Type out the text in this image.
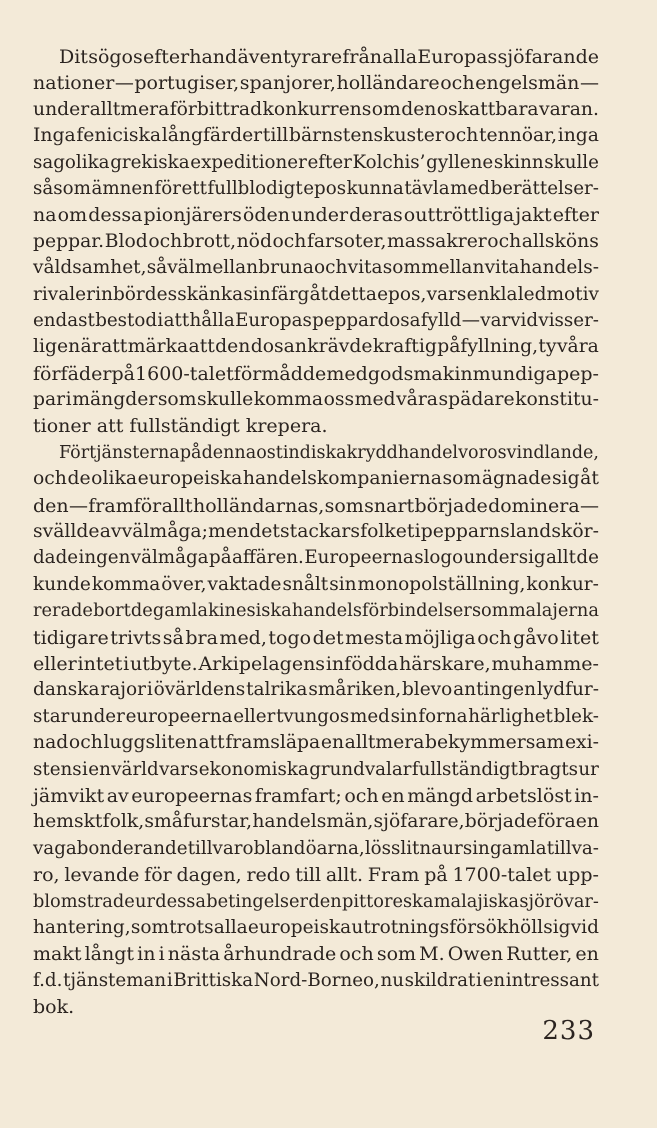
Dit sögos efterhand äventyrare från alla Europas sjöfarande
nationer — portugiser, spanjorer, holländare och engelsmän —
under alltmera förbittrad konkurrens om den oskattbara varan.
Inga feniciska långfärder till bärnstenskuster och tennöar, inga
sagolika grekiska expeditioner efter Kolchis’ gyllene skinn skulle
såsom ämnen för ett fullblodigt epos kunna tävla med berättelser-
na om dessa pionjärers öden under deras outtröttliga jakt efter
peppar. Blod och brott, nöd och farsoter, massakrer och allsköns
våldsamhet, såväl mellan bruna och vita som mellan vita handels-
rivaler inbördes skänka sin färg åt detta epos, vars enkla ledmotiv
endast bestod i att hålla Europas peppardosa fylld — varvid visser-
ligen är att märka att den dosan krävde kraftig påfyllning, ty våra
förfäder på 1600-talet förmådde med god smak inmundiga pep-
par i mängder som skulle komma oss med våra spädare konstitu-
tioner att fullständigt krepera.
Förtjänsterna på denna ostindiska kryddhandel voro svindlande,
och de olika europeiska handelskompanierna som ägnade sig åt
den — framför allt holländarnas, som snart började dominera —
svällde av välmåga; men det stackars folket i pepparns land skör-
dade ingen välmåga på affären. Europeerna slogo under sig allt de
kunde komma över, vaktade snålt sin monopolställning, konkur-
rerade bort de gamla kinesiska handelsförbindelser som malajerna
tidigare trivts så bra med, togo det mesta möjliga och gåvo litet
eller intet i utbyte. Arkipelagens infödda härskare, muhamme-
danska rajor i övärldens talrika småriken, blevo antingen lydfur-
star under europeerna eller tvungos med sin forna härlighet blek-
nad och luggsliten att framsläpa en alltmera bekymmersam exi-
stens i en värld vars ekonomiska grundvalar fullständigt bragts ur
jämvikt av europeernas framfart; och en mängd arbetslöst in-
hemskt folk, småfurstar, handelsmän, sjöfarare, började föra en
vagabonderande tillvaro bland öarna, lösslitna ur sin gamla tillva-
ro, levande för dagen, redo till allt. Fram på 1700-talet upp-
blomstrade ur dessa betingelser den pittoreska malajiska sjörövar-
hantering, som trots alla europeiska utrotningsförsök höll sig vid
makt långt in i nästa århundrade och som M. Owen Rutter, en
f.d. tjänsteman i Brittiska Nord-Borneo, nu skildrat i en intressant
bok.
233
